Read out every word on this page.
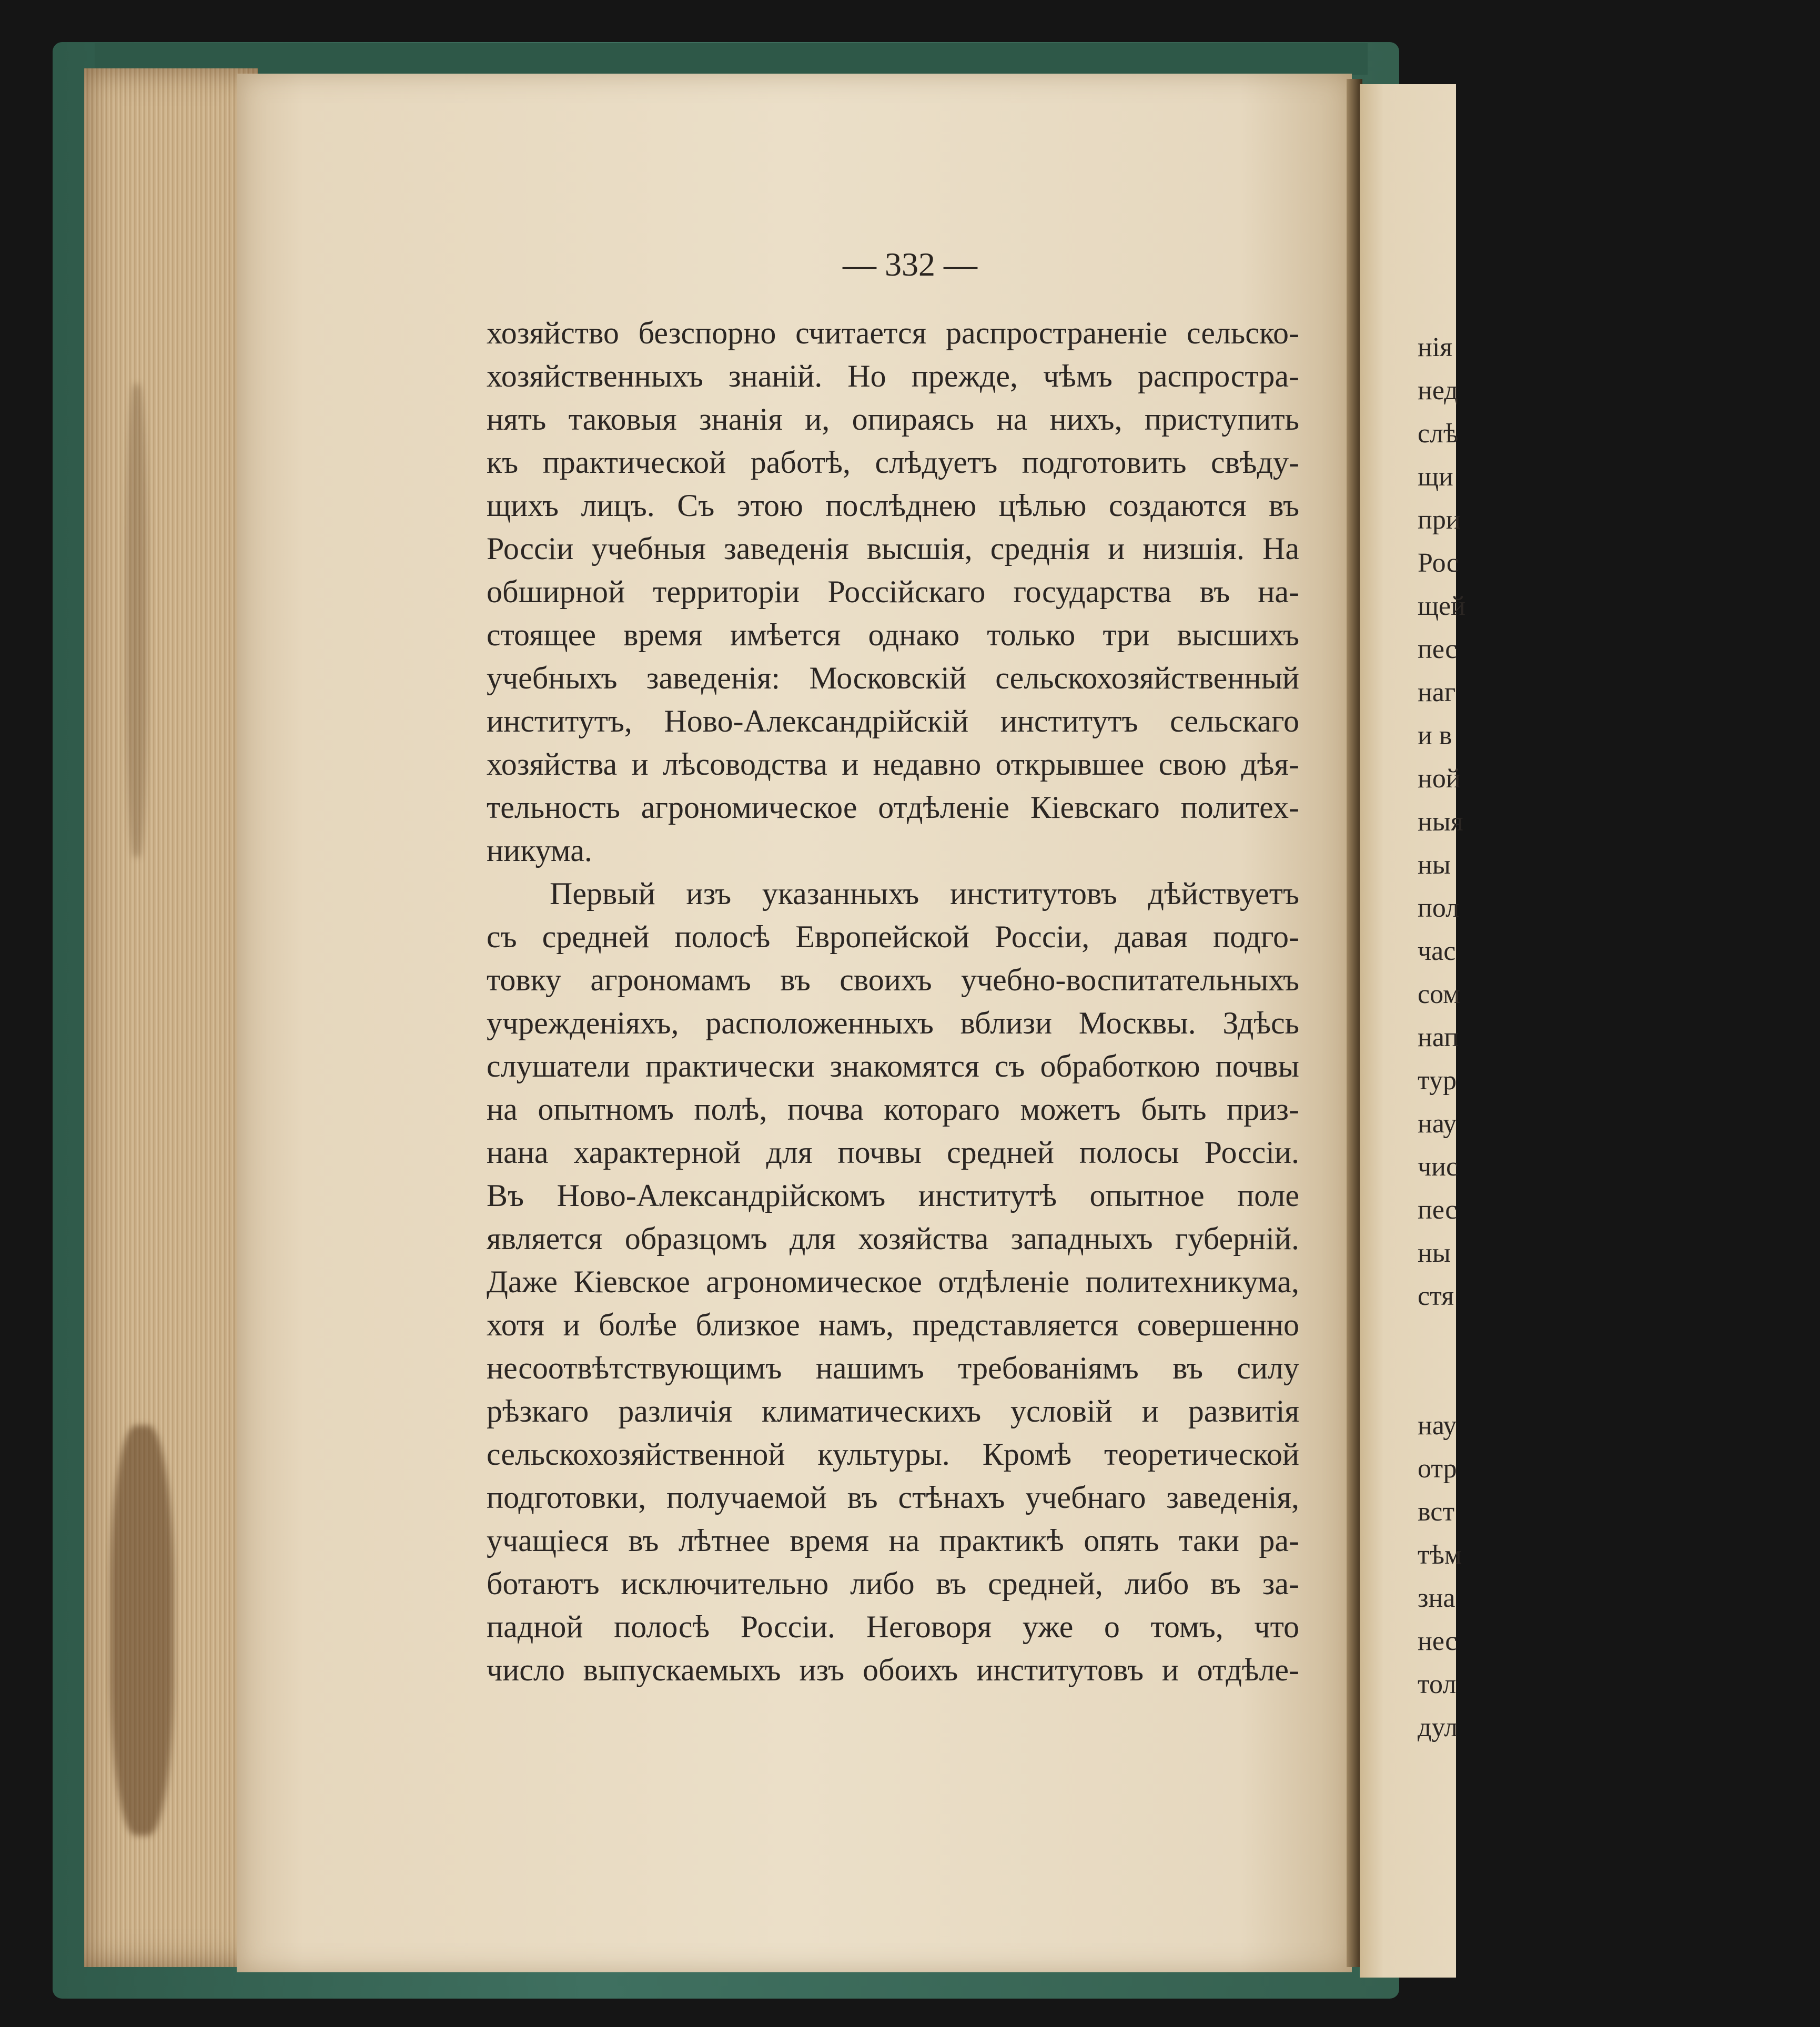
— 332 —
хозяйство безспорно считается распространеніе сельско-
хозяйственныхъ знаній. Но прежде, чѣмъ распростра-
нять таковыя знанія и, опираясь на нихъ, приступить
къ практической работѣ, слѣдуетъ подготовить свѣду-
щихъ лицъ. Съ этою послѣднею цѣлью создаются въ
Россіи учебныя заведенія высшія, среднія и низшія. На
обширной территоріи Россійскаго государства въ на-
стоящее время имѣется однако только три высшихъ
учебныхъ заведенія: Московскій сельскохозяйственный
институтъ, Ново-Александрійскій институтъ сельскаго
хозяйства и лѣсоводства и недавно открывшее свою дѣя-
тельность агрономическое отдѣленіе Кіевскаго политех-
никума.
Первый изъ указанныхъ институтовъ дѣйствуетъ
съ средней полосѣ Европейской Россіи, давая подго-
товку агрономамъ въ своихъ учебно-воспитательныхъ
учрежденіяхъ, расположенныхъ вблизи Москвы. Здѣсь
слушатели практически знакомятся съ обработкою почвы
на опытномъ полѣ, почва котораго можетъ быть приз-
нана характерной для почвы средней полосы Россіи.
Въ Ново-Александрійскомъ институтѣ опытное поле
является образцомъ для хозяйства западныхъ губерній.
Даже Кіевское агрономическое отдѣленіе политехникума,
хотя и болѣе близкое намъ, представляется совершенно
несоотвѣтствующимъ нашимъ требованіямъ въ силу
рѣзкаго различія климатическихъ условій и развитія
сельскохозяйственной культуры. Кромѣ теоретической
подготовки, получаемой въ стѣнахъ учебнаго заведенія,
учащіеся въ лѣтнее время на практикѣ опять таки ра-
ботаютъ исключительно либо въ средней, либо въ за-
падной полосѣ Россіи. Неговоря уже о томъ, что
число выпускаемыхъ изъ обоихъ институтовъ и отдѣле-
нія
нед
слѣ
щи
при
Рос
щей
пес
наг
и в
ной
ныя
ны
пол
час
сом
нап
тур
нау
чис
пес
ны
стя
нау
отр
вст
тѣм
зна
нес
тол
дул
